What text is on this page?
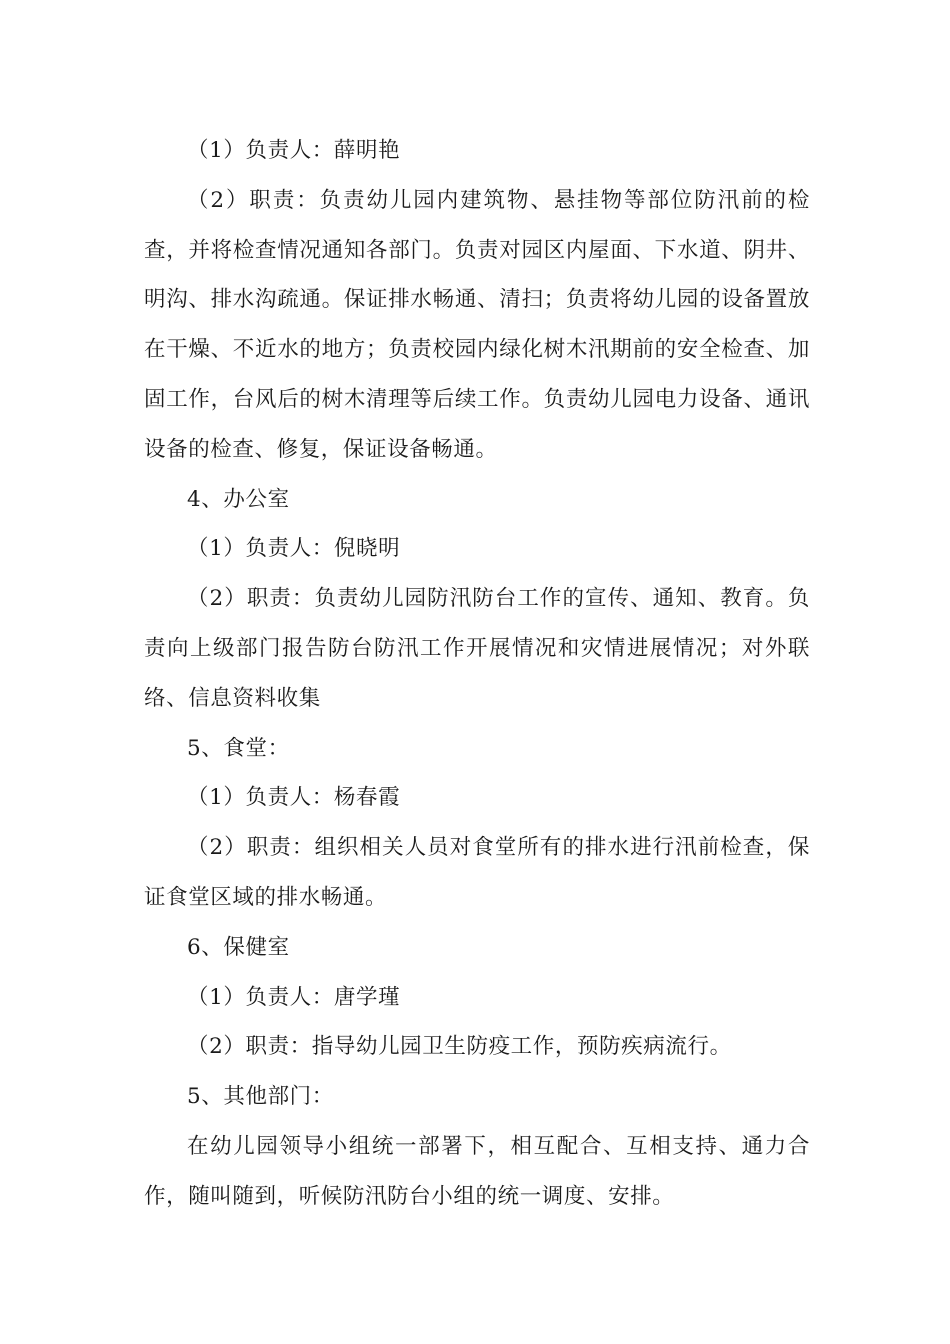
（1）负责人：薛明艳

（2）职责：负责幼儿园内建筑物、悬挂物等部位防汛前的检查，并将检查情况通知各部门。负责对园区内屋面、下水道、阴井、明沟、排水沟疏通。保证排水畅通、清扫；负责将幼儿园的设备置放在干燥、不近水的地方；负责校园内绿化树木汛期前的安全检查、加固工作，台风后的树木清理等后续工作。负责幼儿园电力设备、通讯设备的检查、修复，保证设备畅通。

4、办公室

（1）负责人：倪晓明

（2）职责：负责幼儿园防汛防台工作的宣传、通知、教育。负责向上级部门报告防台防汛工作开展情况和灾情进展情况；对外联络、信息资料收集

5、食堂：

（1）负责人：杨春霞

（2）职责：组织相关人员对食堂所有的排水进行汛前检查，保证食堂区域的排水畅通。

6、保健室

（1）负责人：唐学瑾

（2）职责：指导幼儿园卫生防疫工作，预防疾病流行。

5、其他部门：

在幼儿园领导小组统一部署下，相互配合、互相支持、通力合作，随叫随到，听候防汛防台小组的统一调度、安排。
